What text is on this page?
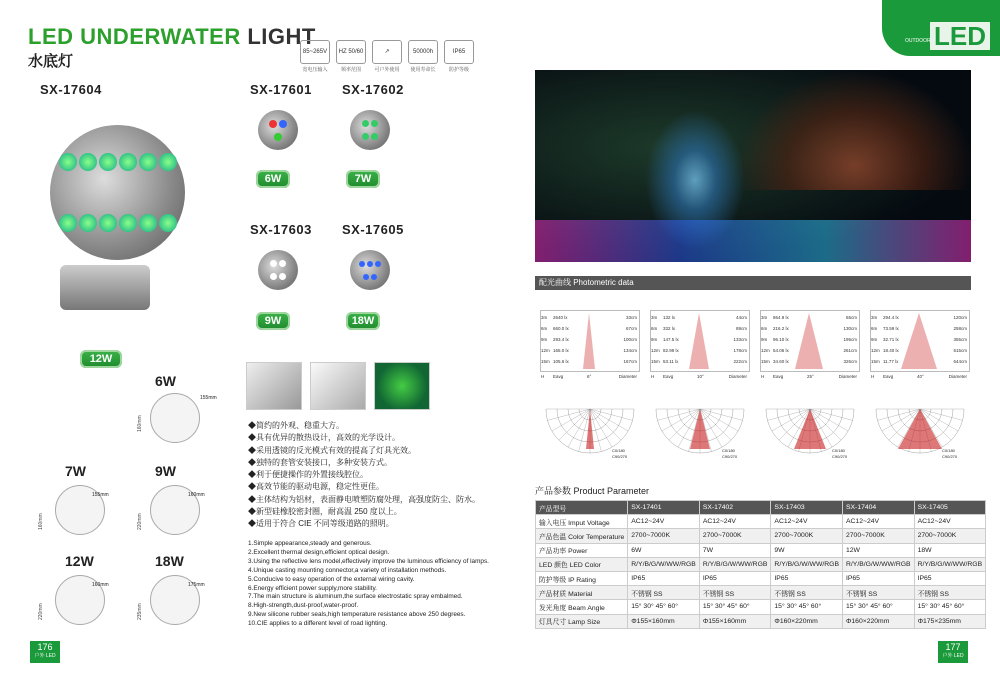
LED UNDERWATER LIGHT
水底灯
85~265V
宽电压输入
HZ 50/60
频率范围
↗
可户外使用
50000h
使用寿命长
IP65
防护等级
SX-17604	SX-17601 SX-17602
SX-17603 SX-17605
12W
6W	7W
9W	18W
6W
155mm
160mm
7W
155mm
160mm
9W
160mm
220mm
12W
160mm
220mm
18W
175mm
235mm
◆简约的外观、稳重大方。
◆具有优异的散热设计，高效的光学设计。
◆采用透镜的反光模式有效的提高了灯具光效。
◆独特的套管安装接口，多种安装方式。
◆利于便捷操作的外置接线腔位。
◆高效节能的驱动电源，稳定性更佳。
◆主体结构为铝材，表面静电喷塑防腐处理，高强度防尘、防水。
◆新型硅橡胶密封圈，耐高温 250 度以上。
◆适用于符合 CIE 不同等级道路的照明。
1.Simple appearance,steady and generous.
2.Excellent thermal design,efficient optical design.
3.Using the reflective lens model,effectively improve the luminous efficiency of lamps.
4.Unique casting mounting connector,a variety of installation methods.
5.Conducive to easy operation of the external wiring cavity.
6.Energy efficient power supply,more stability.
7.The main structure is aluminum,the surface electrostatic spray embalmed.
8.High-strength,dust-proof,water-proof.
9.New silicone rubber seals,high temperature resistance above 250 degrees.
10.CIE applies to a different level of road lighting.
176
户外 LED
LED
OUTDOOR
配光曲线 Photometric data
3m 2640 lx	33cm
6m 660.0 lx	67cm
9m 293.4 lx	100cm
12m 165.0 lx	134cm
15m 105.6 lx	167cm
H Eavg	6°	Diameter
C0/180
C90/270
3m 132 lx	44cm
6m 332 lx	89cm
9m 147.5 lx	133cm
12m 82.99 lx	178cm
15m 53.11 lx	222cm
H Eavg	10°	Diameter
C0/180
C90/270
3m 864.9 lx	65cm
6m 216.2 lx	130cm
9m 96.10 lx	195cm
12m 54.06 lx	261cm
15m 34.60 lx	326cm
H Eavg	25°	Diameter
C0/180
C90/270
3m 294.4 lx	120cm
6m 73.59 lx	258cm
9m 32.71 lx	355cm
12m 18.40 lx	515cm
15m 11.77 lx	644cm
H Eavg	40°	Diameter
C0/180
C90/270
产品参数 Product Parameter
产品型号	SX-17401	SX-17402	SX-17403	SX-17404	SX-17405
输入电压 Imput Voltage	AC12~24V	AC12~24V	AC12~24V	AC12~24V	AC12~24V
产品色温 Color Temperature	2700~7000K	2700~7000K	2700~7000K	2700~7000K	2700~7000K
产品功率 Power	6W	7W	9W	12W	18W
LED 颜色 LED Color	R/Y/B/G/W/WW/RGB	R/Y/B/G/W/WW/RGB	R/Y/B/G/W/WW/RGB	R/Y/B/G/W/WW/RGB	R/Y/B/G/W/WW/RGB
防护等级 IP Rating	IP65	IP65	IP65	IP65	IP65
产品材质 Material	不锈钢 SS	不锈钢 SS	不锈钢 SS	不锈钢 SS	不锈钢 SS
发光角度 Beam Angle	15° 30° 45° 60°	15° 30° 45° 60°	15° 30° 45° 60°	15° 30° 45° 60°	15° 30° 45° 60°
灯具尺寸 Lamp Size	Φ155×160mm	Φ155×160mm	Φ160×220mm	Φ160×220mm	Φ175×235mm
177
户外 LED
